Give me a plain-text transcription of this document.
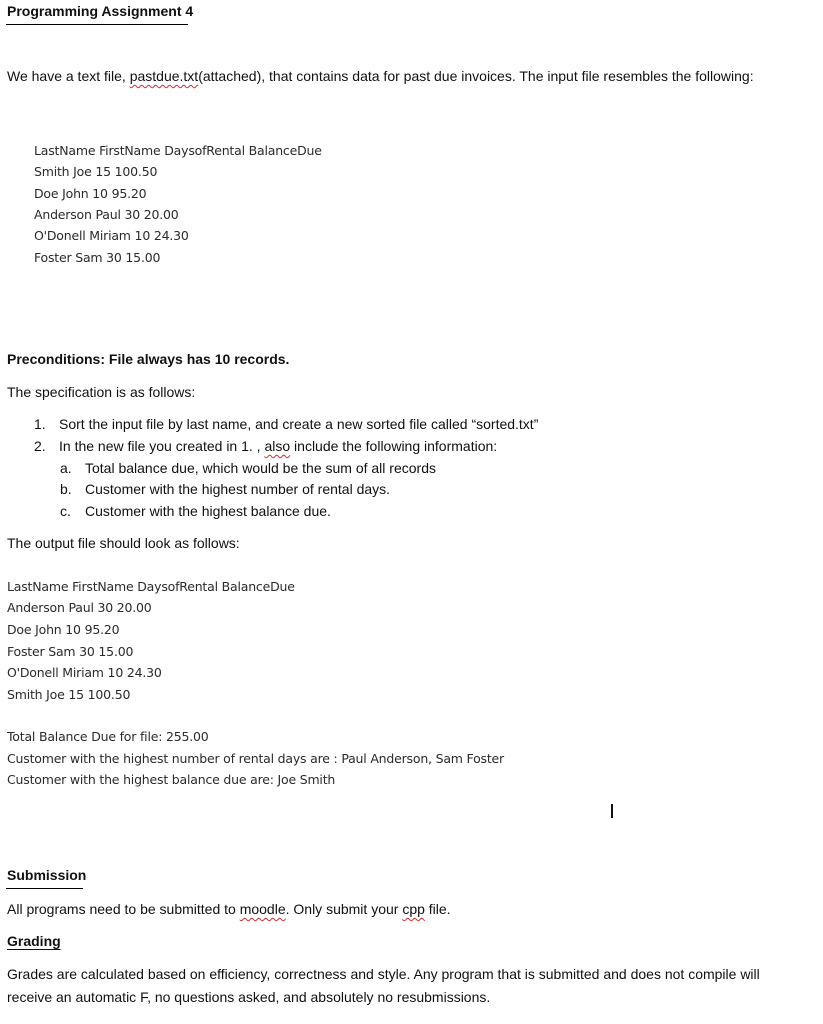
Programming Assignment 4
We have a text file, pastdue.txt(attached), that contains data for past due invoices. The input file resembles the following:
LastName FirstName DaysofRental BalanceDue
Smith Joe 15 100.50
Doe John 10 95.20
Anderson Paul 30 20.00
O'Donell Miriam 10 24.30
Foster Sam 30 15.00
Preconditions: File always has 10 records.
The specification is as follows:
1. Sort the input file by last name, and create a new sorted file called “sorted.txt”
2. In the new file you created in 1. , also include the following information:
a. Total balance due, which would be the sum of all records
b. Customer with the highest number of rental days.
c. Customer with the highest balance due.
The output file should look as follows:
LastName FirstName DaysofRental BalanceDue
Anderson Paul 30 20.00
Doe John 10 95.20
Foster Sam 30 15.00
O'Donell Miriam 10 24.30
Smith Joe 15 100.50
Total Balance Due for file: 255.00
Customer with the highest number of rental days are : Paul Anderson, Sam Foster
Customer with the highest balance due are: Joe Smith
Submission
All programs need to be submitted to moodle. Only submit your cpp file.
Grading
Grades are calculated based on efficiency, correctness and style. Any program that is submitted and does not compile will
receive an automatic F, no questions asked, and absolutely no resubmissions.
